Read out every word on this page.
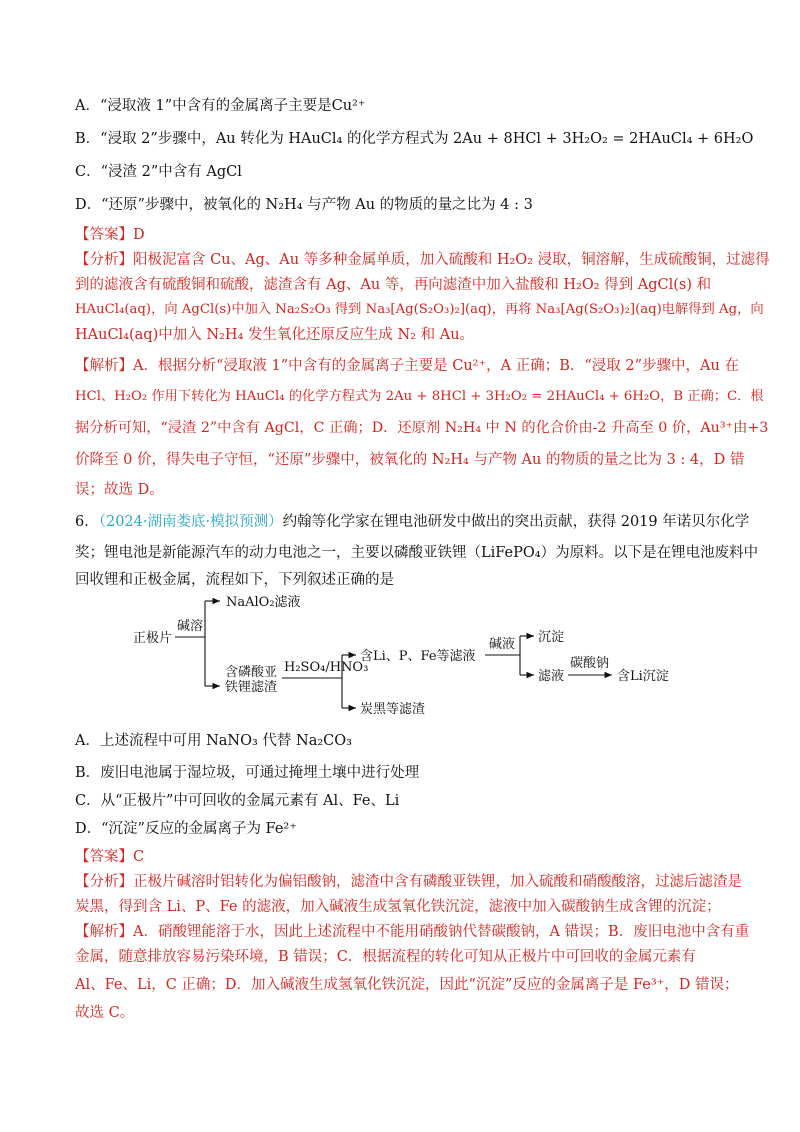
A．“浸取液 1”中含有的金属离子主要是Cu²⁺
B．“浸取 2”步骤中，Au 转化为 HAuCl₄ 的化学方程式为 2Au + 8HCl + 3H₂O₂ = 2HAuCl₄ + 6H₂O
C．“浸渣 2”中含有 AgCl
D．“还原”步骤中，被氧化的 N₂H₄ 与产物 Au 的物质的量之比为 4 : 3
【答案】D
【分析】阳极泥富含 Cu、Ag、Au 等多种金属单质，加入硫酸和 H₂O₂ 浸取，铜溶解，生成硫酸铜，过滤得
到的滤液含有硫酸铜和硫酸，滤渣含有 Ag、Au 等，再向滤渣中加入盐酸和 H₂O₂ 得到 AgCl(s) 和
HAuCl₄(aq)，向 AgCl(s)中加入 Na₂S₂O₃ 得到 Na₃[Ag(S₂O₃)₂](aq)，再将 Na₃[Ag(S₂O₃)₂](aq)电解得到 Ag，向
HAuCl₄(aq)中加入 N₂H₄ 发生氧化还原反应生成 N₂ 和 Au。
【解析】A．根据分析“浸取液 1”中含有的金属离子主要是 Cu²⁺，A 正确；B．“浸取 2”步骤中，Au 在
HCl、H₂O₂ 作用下转化为 HAuCl₄ 的化学方程式为 2Au + 8HCl + 3H₂O₂ = 2HAuCl₄ + 6H₂O，B 正确；C．根
据分析可知，“浸渣 2”中含有 AgCl，C 正确；D．还原剂 N₂H₄ 中 N 的化合价由-2 升高至 0 价，Au³⁺由+3
价降至 0 价，得失电子守恒，“还原”步骤中，被氧化的 N₂H₄ 与产物 Au 的物质的量之比为 3 : 4，D 错
误；故选 D。
6．（2024·湖南娄底·模拟预测）约翰等化学家在锂电池研发中做出的突出贡献，获得 2019 年诺贝尔化学
奖；锂电池是新能源汽车的动力电池之一，主要以磷酸亚铁锂（LiFePO₄）为原料。以下是在锂电池废料中
回收锂和正极金属，流程如下，下列叙述正确的是
正极片
碱溶
NaAlO₂滤液
含磷酸亚
铁锂滤渣
H₂SO₄/HNO₃
含Li、P、Fe等滤液
碱液 沉淀
滤液
碳酸钠
含Li沉淀
炭黑等滤渣
A．上述流程中可用 NaNO₃ 代替 Na₂CO₃
B．废旧电池属于湿垃圾，可通过掩埋土壤中进行处理
C．从“正极片”中可回收的金属元素有 Al、Fe、Li
D．“沉淀”反应的金属离子为 Fe²⁺
【答案】C
【分析】正极片碱溶时铝转化为偏铝酸钠，滤渣中含有磷酸亚铁锂，加入硫酸和硝酸酸溶，过滤后滤渣是
炭黑，得到含 Li、P、Fe 的滤液，加入碱液生成氢氧化铁沉淀，滤液中加入碳酸钠生成含锂的沉淀；
【解析】A．硝酸锂能溶于水，因此上述流程中不能用硝酸钠代替碳酸钠，A 错误；B．废旧电池中含有重
金属，随意排放容易污染环境，B 错误；C．根据流程的转化可知从正极片中可回收的金属元素有
Al、Fe、Li，C 正确；D．加入碱液生成氢氧化铁沉淀，因此“沉淀”反应的金属离子是 Fe³⁺，D 错误；
故选 C。
